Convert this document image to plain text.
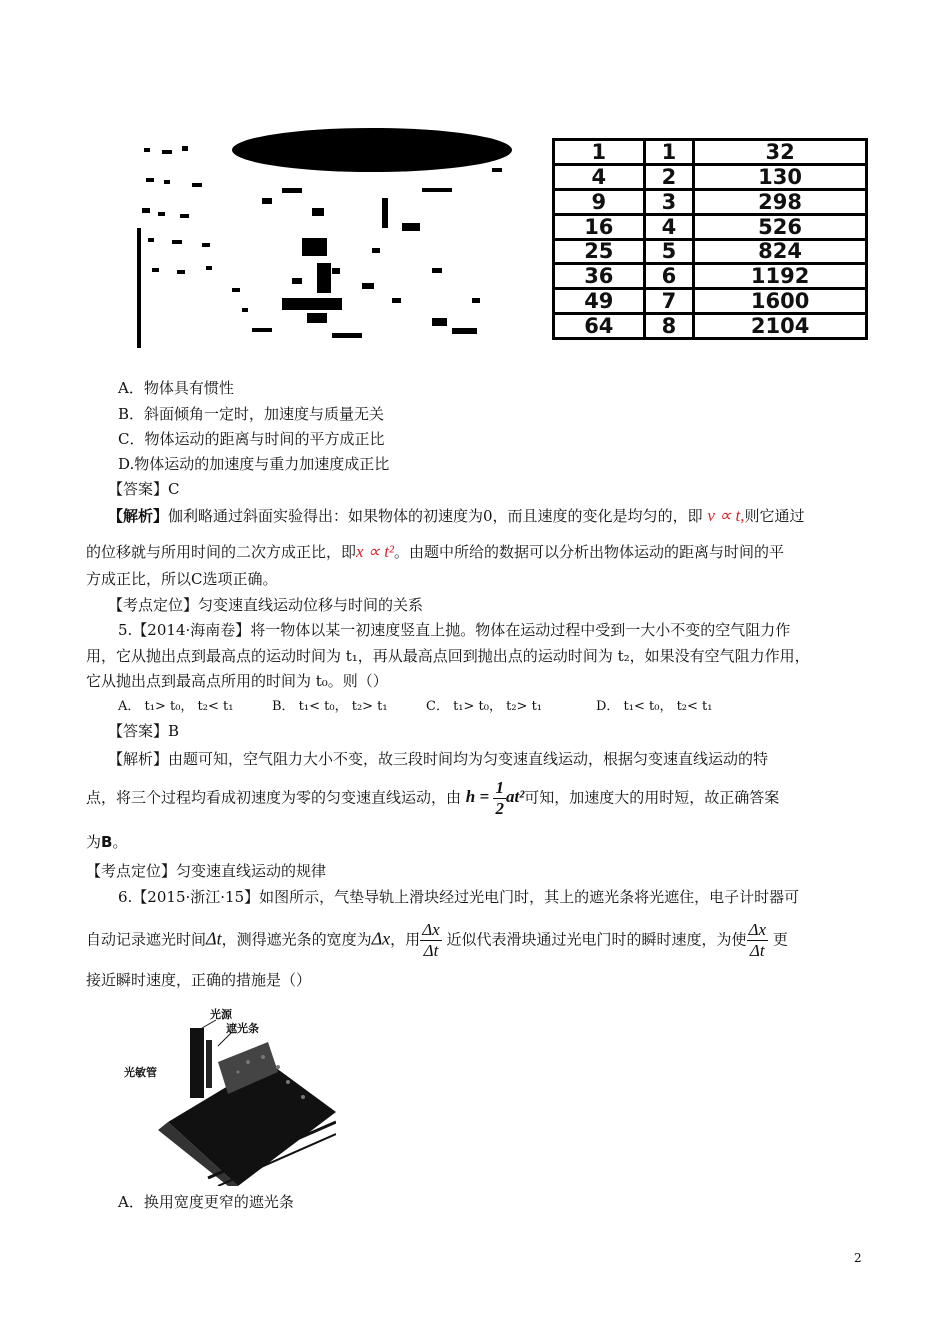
1	1	32
4	2	130
9	3	298
16	4	526
25	5	824
36	6	1192
49	7	1600
64	8	2104
A．物体具有惯性
B．斜面倾角一定时，加速度与质量无关
C．物体运动的距离与时间的平方成正比
D.物体运动的加速度与重力加速度成正比
【答案】C
【解析】伽利略通过斜面实验得出：如果物体的初速度为0，而且速度的变化是均匀的，即 v ∝ t,则它通过
的位移就与所用时间的二次方成正比，即x ∝ t²。由题中所给的数据可以分析出物体运动的距离与时间的平
方成正比，所以C选项正确。
【考点定位】匀变速直线运动位移与时间的关系
5.【2014·海南卷】将一物体以某一初速度竖直上抛。物体在运动过程中受到一大小不变的空气阻力作
用，它从抛出点到最高点的运动时间为 t₁，再从最高点回到抛出点的运动时间为 t₂，如果没有空气阻力作用，
它从抛出点到最高点所用的时间为 t₀。则（）
A． t₁> t₀， t₂< t₁	B． t₁< t₀， t₂> t₁	C． t₁> t₀， t₂> t₁	D． t₁< t₀， t₂< t₁
【答案】B
【解析】由题可知，空气阻力大小不变，故三段时间均为匀变速直线运动，根据匀变速直线运动的特
点，将三个过程均看成初速度为零的匀变速直线运动，由 $h = \frac{1}{2} at^2$可知，加速度大的用时短，故正确答案
为B。
【考点定位】匀变速直线运动的规律
6.【2015·浙江·15】如图所示，气垫导轨上滑块经过光电门时，其上的遮光条将光遮住，电子计时器可
自动记录遮光时间Δt，测得遮光条的宽度为Δx，用 $\frac{\Delta x}{\Delta t}$ 近似代表滑块通过光电门时的瞬时速度，为使 $\frac{\Delta x}{\Delta t}$ 更
接近瞬时速度，正确的措施是（）
光源
遮光条
光敏管
A．换用宽度更窄的遮光条
2
